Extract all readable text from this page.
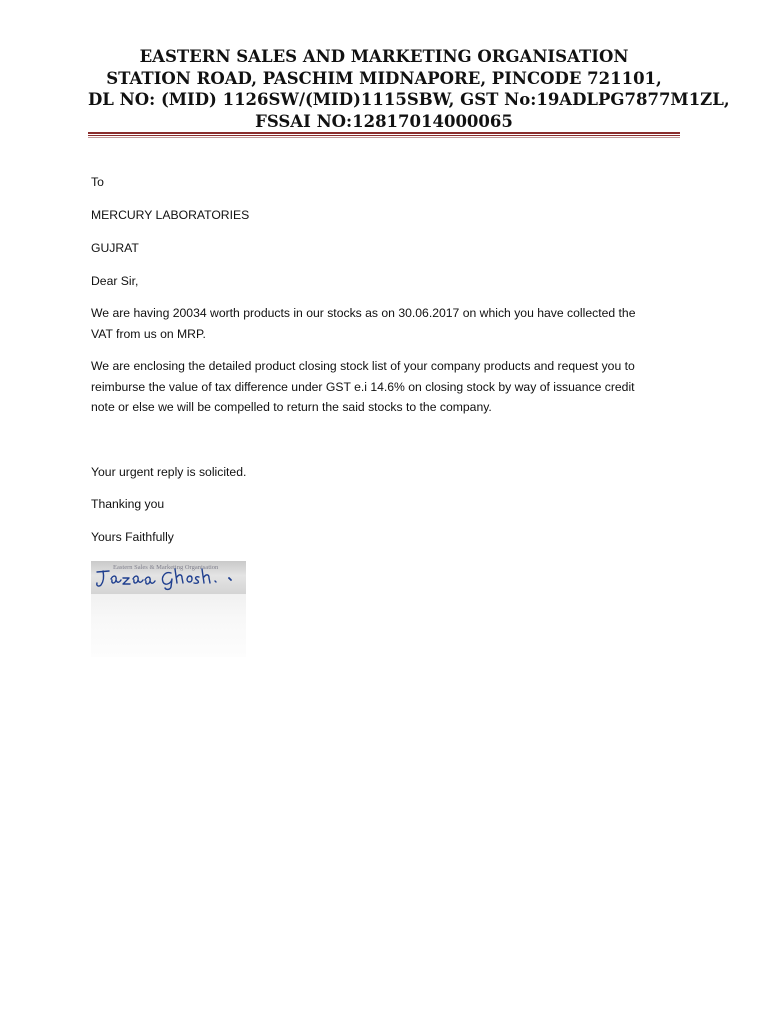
EASTERN SALES AND MARKETING ORGANISATION
STATION ROAD, PASCHIM MIDNAPORE, PINCODE 721101,
DL NO: (MID) 1126SW/(MID)1115SBW, GST No:19ADLPG7877M1ZL,
FSSAI NO:12817014000065
To
MERCURY LABORATORIES
GUJRAT
Dear Sir,
We are having 20034 worth products in our stocks as on 30.06.2017 on which you have collected the
VAT from us on MRP.
We are enclosing the detailed product closing stock list of your company products and request you to
reimburse the value of tax difference under GST e.i 14.6% on closing stock by way of issuance credit
note or else we will be compelled to return the said stocks to the company.
Your urgent reply is solicited.
Thanking you
Yours Faithfully
Eastern Sales & Marketing Organisation
